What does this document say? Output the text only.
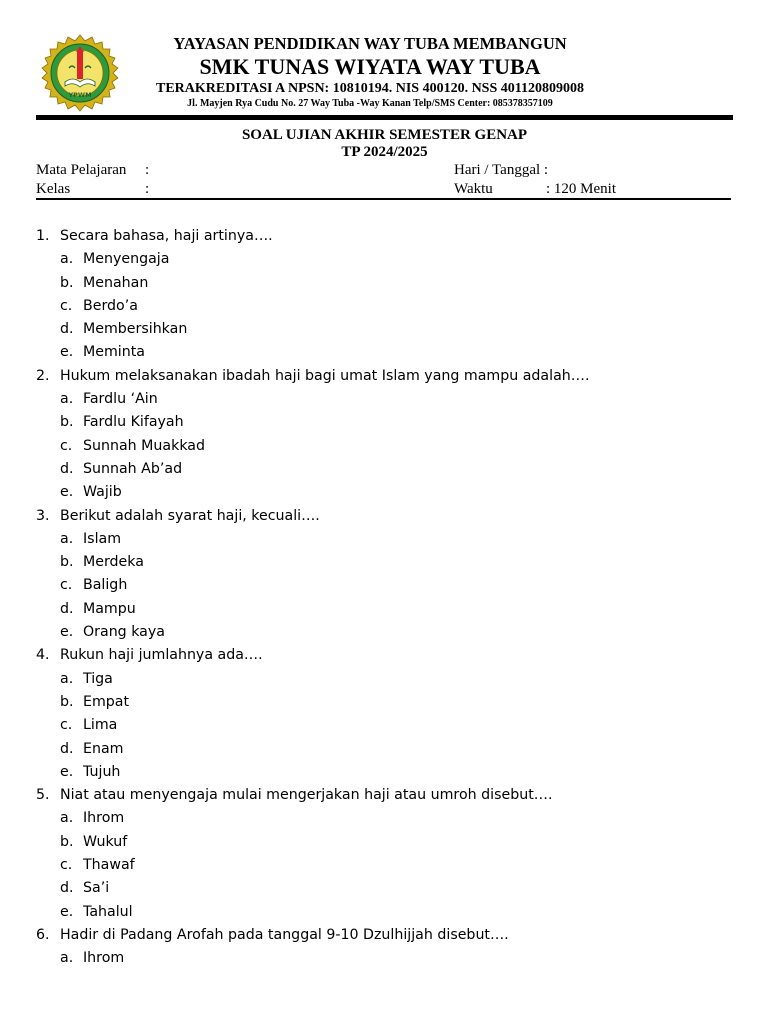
YPWM
YAYASAN PENDIDIKAN WAY TUBA MEMBANGUN
SMK TUNAS WIYATA WAY TUBA
TERAKREDITASI A NPSN: 10810194. NIS 400120. NSS 401120809008
Jl. Mayjen Rya Cudu No. 27 Way Tuba -Way Kanan Telp/SMS Center: 085378357109
SOAL UJIAN AKHIR SEMESTER GENAP
TP 2024/2025
Mata Pelajaran :	Hari / Tanggal :
Kelas	:	Waktu	: 120 Menit
1. Secara bahasa, haji artinya….
a. Menyengaja
b. Menahan
c. Berdo’a
d. Membersihkan
e. Meminta
2. Hukum melaksanakan ibadah haji bagi umat Islam yang mampu adalah….
a. Fardlu ‘Ain
b. Fardlu Kifayah
c. Sunnah Muakkad
d. Sunnah Ab’ad
e. Wajib
3. Berikut adalah syarat haji, kecuali….
a. Islam
b. Merdeka
c. Baligh
d. Mampu
e. Orang kaya
4. Rukun haji jumlahnya ada….
a. Tiga
b. Empat
c. Lima
d. Enam
e. Tujuh
5. Niat atau menyengaja mulai mengerjakan haji atau umroh disebut….
a. Ihrom
b. Wukuf
c. Thawaf
d. Sa’i
e. Tahalul
6. Hadir di Padang Arofah pada tanggal 9-10 Dzulhijjah disebut….
a. Ihrom
